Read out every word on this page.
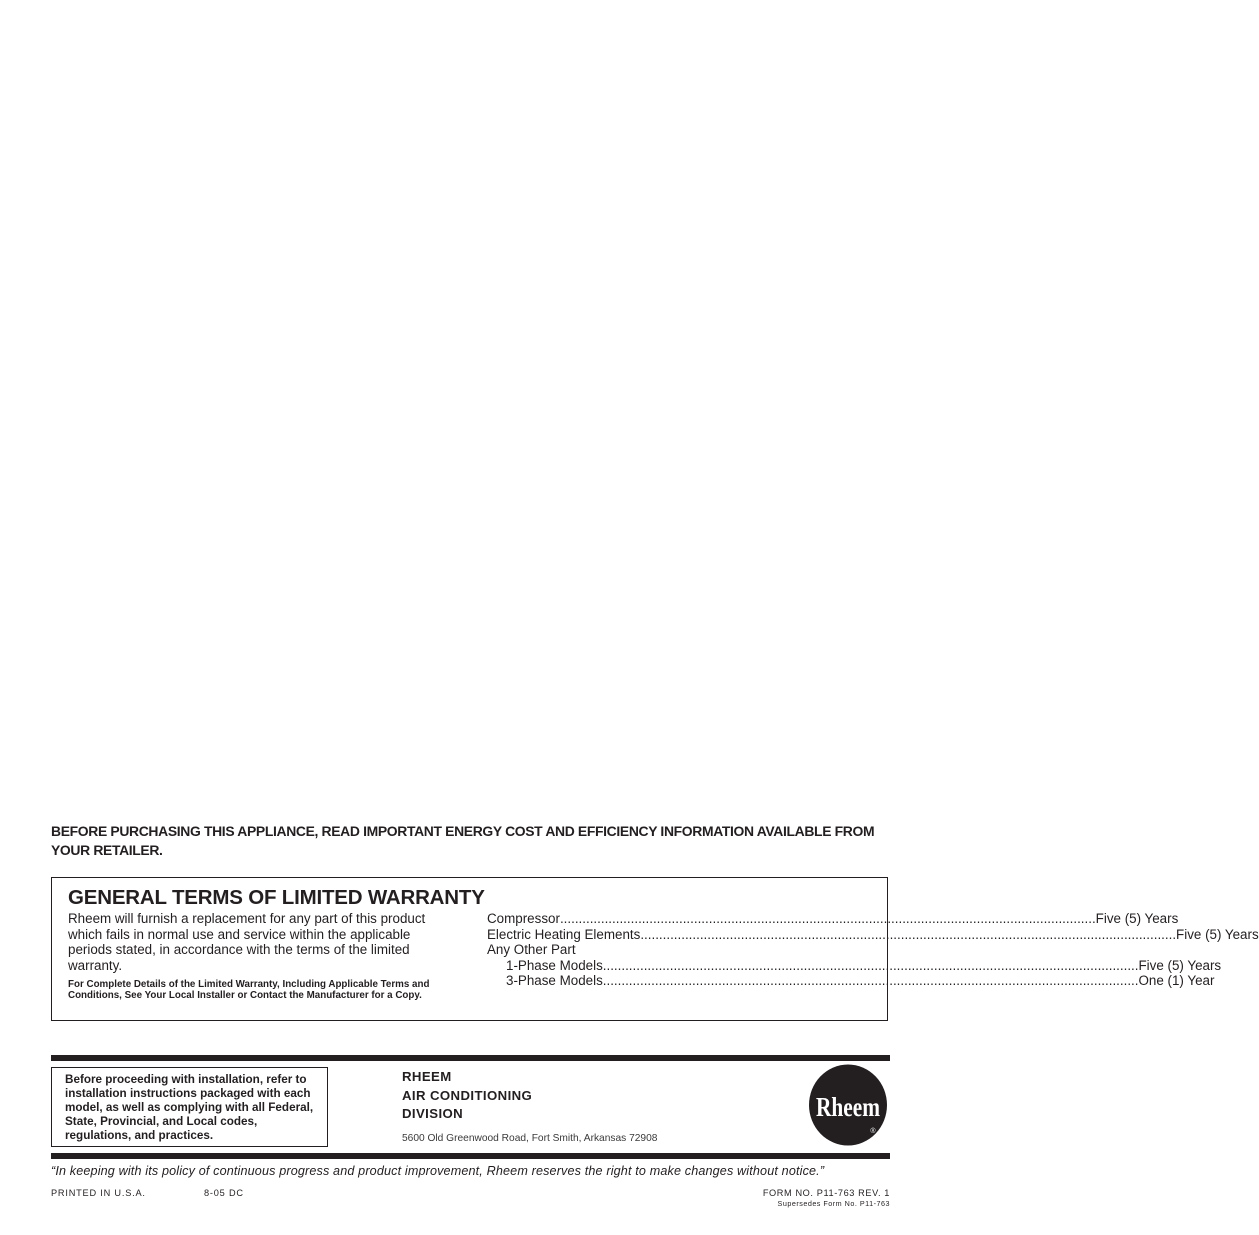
BEFORE PURCHASING THIS APPLIANCE, READ IMPORTANT ENERGY COST AND EFFICIENCY INFORMATION AVAILABLE FROM YOUR RETAILER.
GENERAL TERMS OF LIMITED WARRANTY
Rheem will furnish a replacement for any part of this product which fails in normal use and service within the applicable periods stated, in accordance with the terms of the limited warranty.
For Complete Details of the Limited Warranty, Including Applicable Terms and Conditions, See Your Local Installer or Contact the Manufacturer for a Copy.
Compressor .....	Five (5) Years
Electric Heating Elements .....	Five (5) Years
Any Other Part
1-Phase Models .....	Five (5) Years
3-Phase Models .....	One (1) Year
Before proceeding with installation, refer to installation instructions packaged with each model, as well as complying with all Federal, State, Provincial, and Local codes, regulations, and practices.
RHEEM
AIR CONDITIONING
DIVISION
5600 Old Greenwood Road, Fort Smith, Arkansas 72908
Rheem
®
“In keeping with its policy of continuous progress and product improvement, Rheem reserves the right to make changes without notice.”
PRINTED IN U.S.A.	8-05 DC	FORM NO. P11-763 REV. 1
Supersedes Form No. P11-763
